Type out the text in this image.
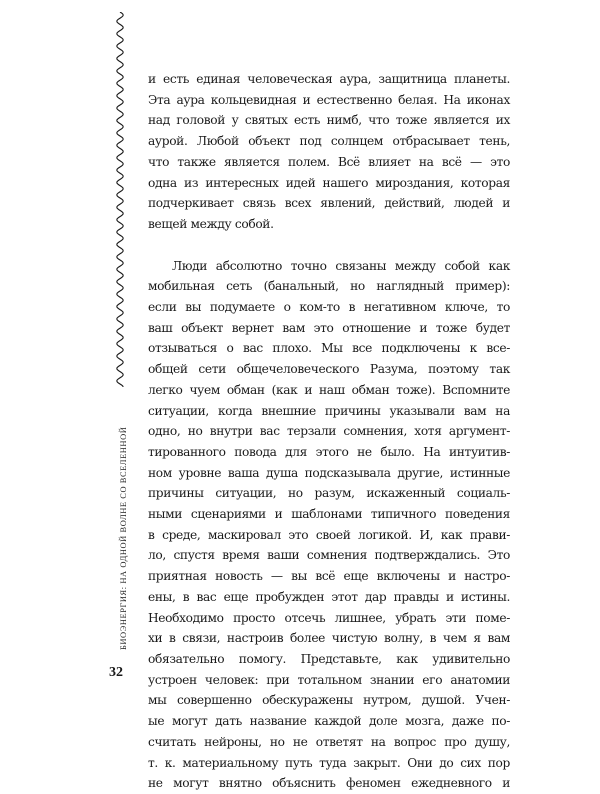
БИОЭНЕРГИЯ: НА ОДНОЙ ВОЛНЕ СО ВСЕЛЕННОЙ
32

и есть единая человеческая аура, защитница планеты.

Эта аура кольцевидная и естественно белая. На иконах

над головой у святых есть нимб, что тоже является их

аурой. Любой объект под солнцем отбрасывает тень,

что также является полем. Всё влияет на всё — это

одна из интересных идей нашего мироздания, которая

подчеркивает связь всех явлений, действий, людей и

вещей между собой.

Люди абсолютно точно связаны между собой как

мобильная сеть (банальный, но наглядный пример):

если вы подумаете о ком-то в негативном ключе, то

ваш объект вернет вам это отношение и тоже будет

отзываться о вас плохо. Мы все подключены к все-

общей сети общечеловеческого Разума, поэтому так

легко чуем обман (как и наш обман тоже). Вспомните

ситуации, когда внешние причины указывали вам на

одно, но внутри вас терзали сомнения, хотя аргумент-

тированного повода для этого не было. На интуитив-

ном уровне ваша душа подсказывала другие, истинные

причины ситуации, но разум, искаженный социаль-

ными сценариями и шаблонами типичного поведения

в среде, маскировал это своей логикой. И, как прави-

ло, спустя время ваши сомнения подтверждались. Это

приятная новость — вы всё еще включены и настро-

ены, в вас еще пробужден этот дар правды и истины.

Необходимо просто отсечь лишнее, убрать эти поме-

хи в связи, настроив более чистую волну, в чем я вам

обязательно помогу. Представьте, как удивительно

устроен человек: при тотальном знании его анатомии

мы совершенно обескуражены нутром, душой. Учен-

ые могут дать название каждой доле мозга, даже по-

считать нейроны, но не ответят на вопрос про душу,

т. к. материальному путь туда закрыт. Они до сих пор

не могут внятно объяснить феномен ежедневного и
